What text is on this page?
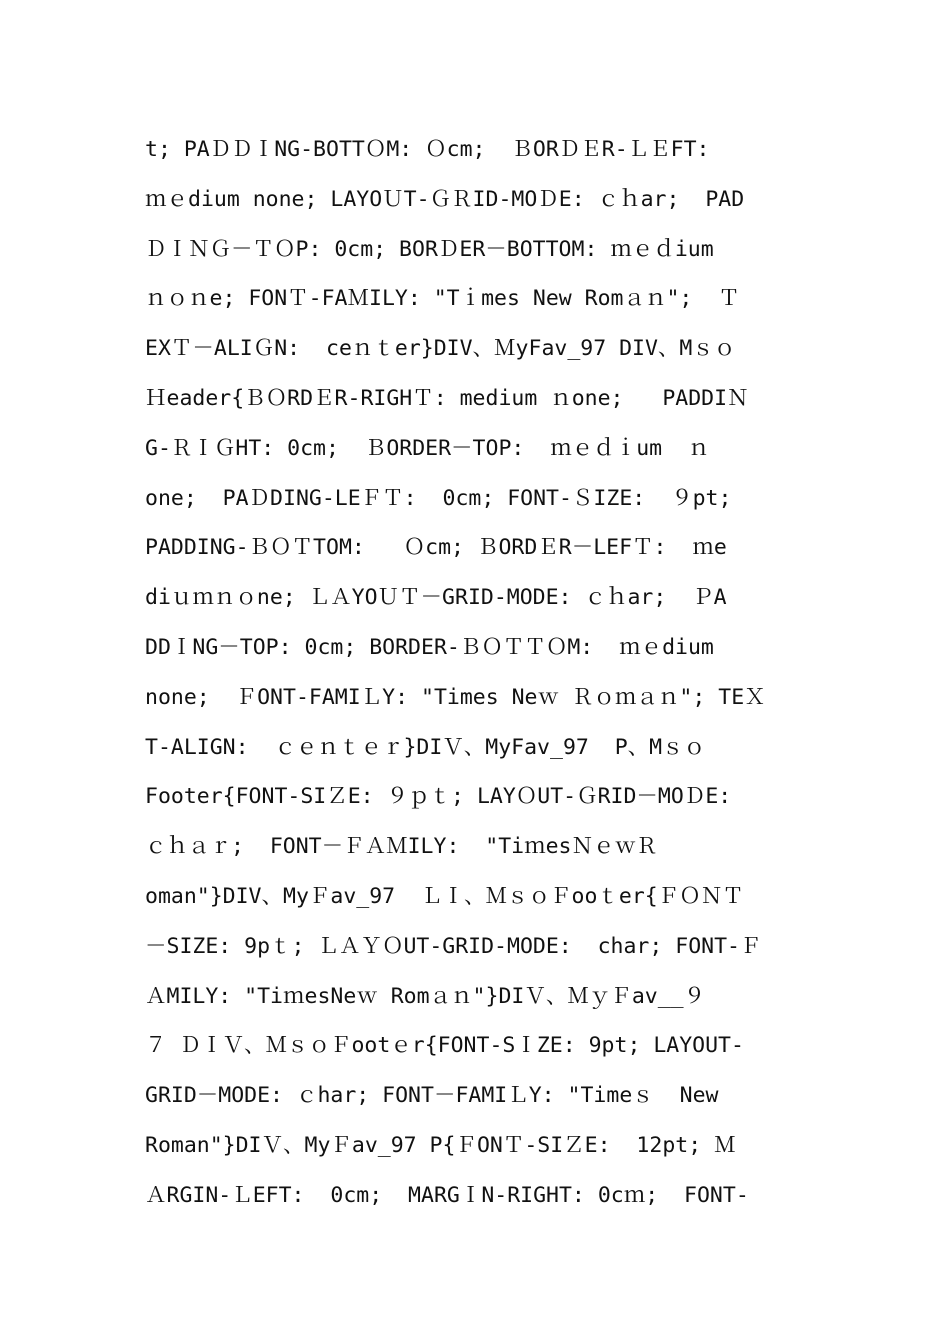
t; PAＤＤＩNG-BOTTＯM: Ｏcm;  ＢORＤＥR-ＬＥFT:
ｍｅdium none; LAYOＵT-ＧＲID-MOＤE: ｃｈar;  PAD
ＤＩＮＧ－ＴＯP: 0cm; BORＤER－BOTTOM: ｍｅｄium
ｎｏｎe; FONＴ-FAＭILY: "Tｉmes New Romａｎ";  Ｔ
EXＴ－ALIＧN:  ceｎｔer}DIV、ＭyFav_97 DIV、Mｓｏ
Ｈeader{ＢＯRDＥR-RIGHＴ: medium ｎone;   PADDIＮ
G-ＲＩＧHT: 0cm;  ＢORDER－TOP:  ｍｅｄｉum  ｎ
one;  PAＤDING-LEＦＴ:  0cm; FONT-ＳIZE:  ９pt;
PADDING-ＢＯＴTOM:   Ｏcm; ＢORDＥR－LEFＴ:  ｍe
diｕｍｎｏne; ＬＡYOＵＴ－GRID-MODE: ｃｈar;  ＰA
DDＩNG－TOP: 0cm; BORDER-ＢＯＴＴＯM:  ｍｅdium
none;  ＦONT-FAMIＬY: "Times Neｗ Ｒｏｍａｎ"; TEＸ
T-ALIGN:  ｃｅｎｔｅｒ}DIＶ、MyFav_97  P、Mｓｏ
Footer{FONT-SIＺE: ９ｐｔ; LAYＯUT-ＧRID－MOＤE:
ｃｈａｒ;  FONT－ＦＡＭILY:  "TiｍesＮｅｗＲ
oman"}DIV、MyＦav_97  ＬＩ、ＭｓｏＦooｔer{ＦＯＮＴ
－SIZE: 9pｔ; ＬＡＹＯUT-GRID-MODE:  char; FONT-Ｆ
ＡMILY: "TiｍesNeｗ Romａｎ"}DIＶ、ＭｙＦav__９
７ ＤＩＶ、ＭｓｏＦootｅr{FONT-SＩZE: 9pt; LAYOUT-
GRID－MODE: ｃhar; FONT－FAMIＬY: "Timeｓ  New
Roman"}DIＶ、MyＦav_97 P{ＦONＴ-SIＺE:  12pt; Ｍ
ＡRGIN-ＬEFT:  0cm;  MARGＩN-RIGHT: 0cｍ;  FONT-
